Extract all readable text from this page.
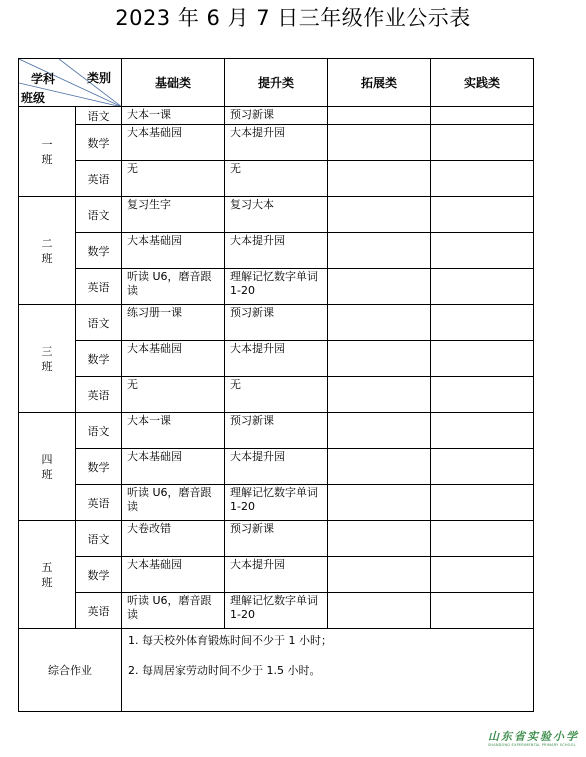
2023 年 6 月 7 日三年级作业公示表
类别
学科
班级		基础类	提升类	拓展类	实践类

一
班	语文	大本一课	预习新课		
	数学	大本基础园	大本提升园		
	英语	无	无		

二
班	语文	复习生字	复习大本		
	数学	大本基础园	大本提升园		
	英语	听读 U6，磨音跟读	理解记忆数字单词 1-20		

三
班	语文	练习册一课	预习新课		
	数学	大本基础园	大本提升园		
	英语	无	无		

四
班	语文	大本一课	预习新课		
	数学	大本基础园	大本提升园		
	英语	听读 U6，磨音跟读	理解记忆数字单词 1-20		

五
班	语文	大卷改错	预习新课		
	数学	大本基础园	大本提升园		
	英语	听读 U6，磨音跟读	理解记忆数字单词 1-20		
综合作业		1. 每天校外体育锻炼时间不少于 1 小时；

2. 每周居家劳动时间不少于 1.5 小时。			

山东省实验小学
SHANDONG EXPERIMENTAL PRIMARY SCHOOL
